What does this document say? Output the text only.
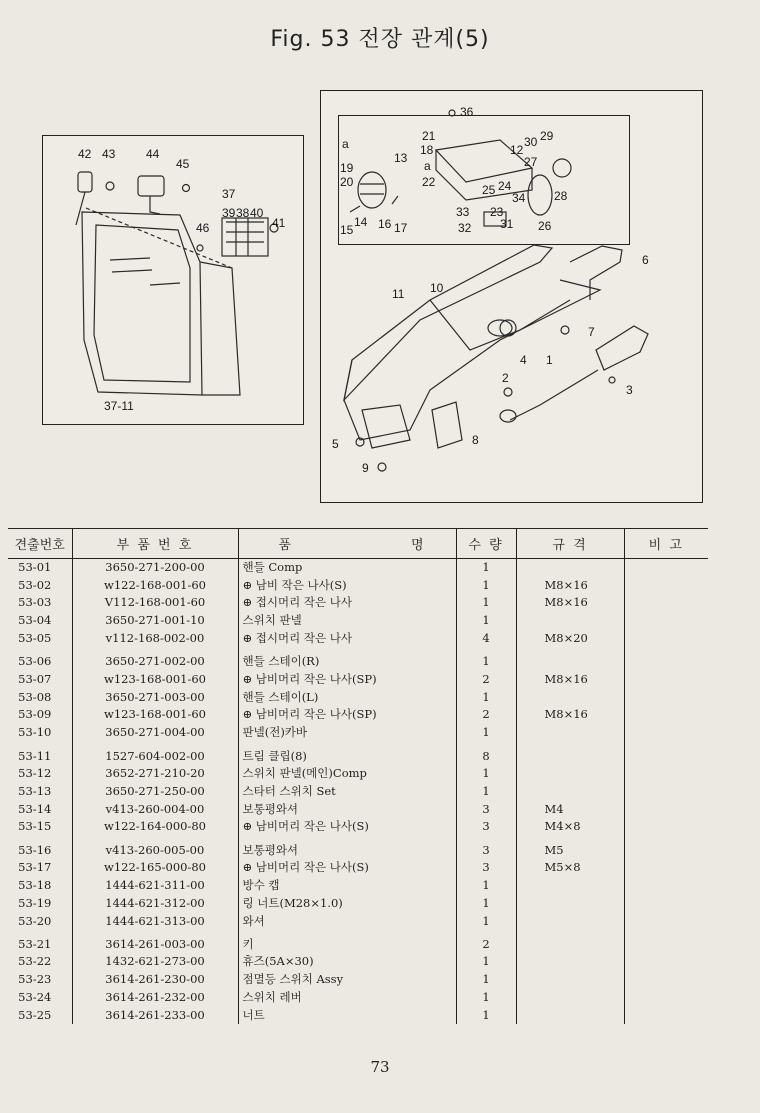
Fig. 53 전장 관계(5)
42 43	44
45
37
39 38 40
41
46
37-11
36
21
18
13
30 29
12
27
a
a
19
20	22
25 24
34 28
33 23
14
15 16 17	32 31 26
6
11 10
7
4 1
2
3
5	8
9
견출번호	부 품 번 호	품 명	수 량	규 격	비 고
53-01	3650-271-200-00	핸들 Comp	1		
53-02	w122-168-001-60	⊕ 남비 작은 나사(S)	1	M8×16	
53-03	V112-168-001-60	⊕ 접시머리 작은 나사	1	M8×16	
53-04	3650-271-001-10	스위치 판넬	1		
53-05	v112-168-002-00	⊕ 접시머리 작은 나사	4	M8×20	
53-06	3650-271-002-00	핸들 스테이(R)	1		
53-07	w123-168-001-60	⊕ 남비머리 작은 나사(SP)	2	M8×16	
53-08	3650-271-003-00	핸들 스테이(L)	1		
53-09	w123-168-001-60	⊕ 남비머리 작은 나사(SP)	2	M8×16	
53-10	3650-271-004-00	판넬(전)카바	1		
53-11	1527-604-002-00	트림 클립(8)	8		
53-12	3652-271-210-20	스위치 판넬(메인)Comp	1		
53-13	3650-271-250-00	스타터 스위치 Set	1		
53-14	v413-260-004-00	보통평와셔	3	M4	
53-15	w122-164-000-80	⊕ 남비머리 작은 나사(S)	3	M4×8	
53-16	v413-260-005-00	보통평와셔	3	M5	
53-17	w122-165-000-80	⊕ 남비머리 작은 나사(S)	3	M5×8	
53-18	1444-621-311-00	방수 캡	1		
53-19	1444-621-312-00	링 너트(M28×1.0)	1		
53-20	1444-621-313-00	와셔	1		
53-21	3614-261-003-00	키	2		
53-22	1432-621-273-00	휴즈(5A×30)	1		
53-23	3614-261-230-00	점멸등 스위치 Assy	1		
53-24	3614-261-232-00	스위치 레버	1		
53-25	3614-261-233-00	너트	1		
73
